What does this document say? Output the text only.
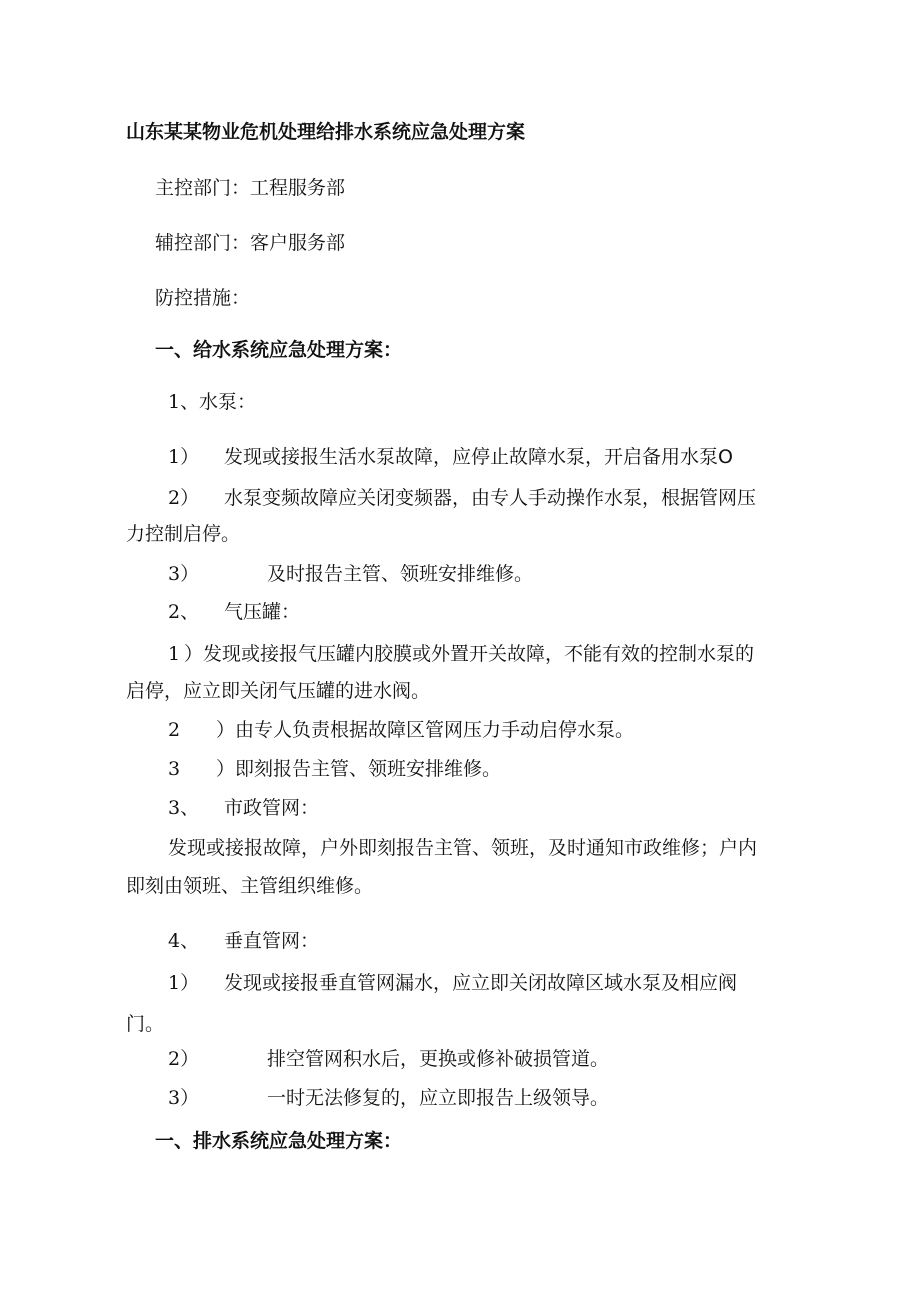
山东某某物业危机处理给排水系统应急处理方案
主控部门：工程服务部
辅控部门：客户服务部
防控措施：
一、给水系统应急处理方案：
1、 水泵：
1） 发现或接报生活水泵故障，应停止故障水泵，开启备用水泵O
2） 水泵变频故障应关闭变频器，由专人手动操作水泵，根据管网压
力控制启停。
3）	及时报告主管、领班安排维修。
2、 气压罐：
1 ）发现或接报气压罐内胶膜或外置开关故障，不能有效的控制水泵的
启停，应立即关闭气压罐的进水阀。
2 ）由专人负责根据故障区管网压力手动启停水泵。
3 ）即刻报告主管、领班安排维修。
3、 市政管网：
发现或接报故障，户外即刻报告主管、领班，及时通知市政维修；户内
即刻由领班、主管组织维修。
4、 垂直管网：
1） 发现或接报垂直管网漏水，应立即关闭故障区域水泵及相应阀
门。
2）	排空管网积水后，更换或修补破损管道。
3）	一时无法修复的，应立即报告上级领导。
一、排水系统应急处理方案：
